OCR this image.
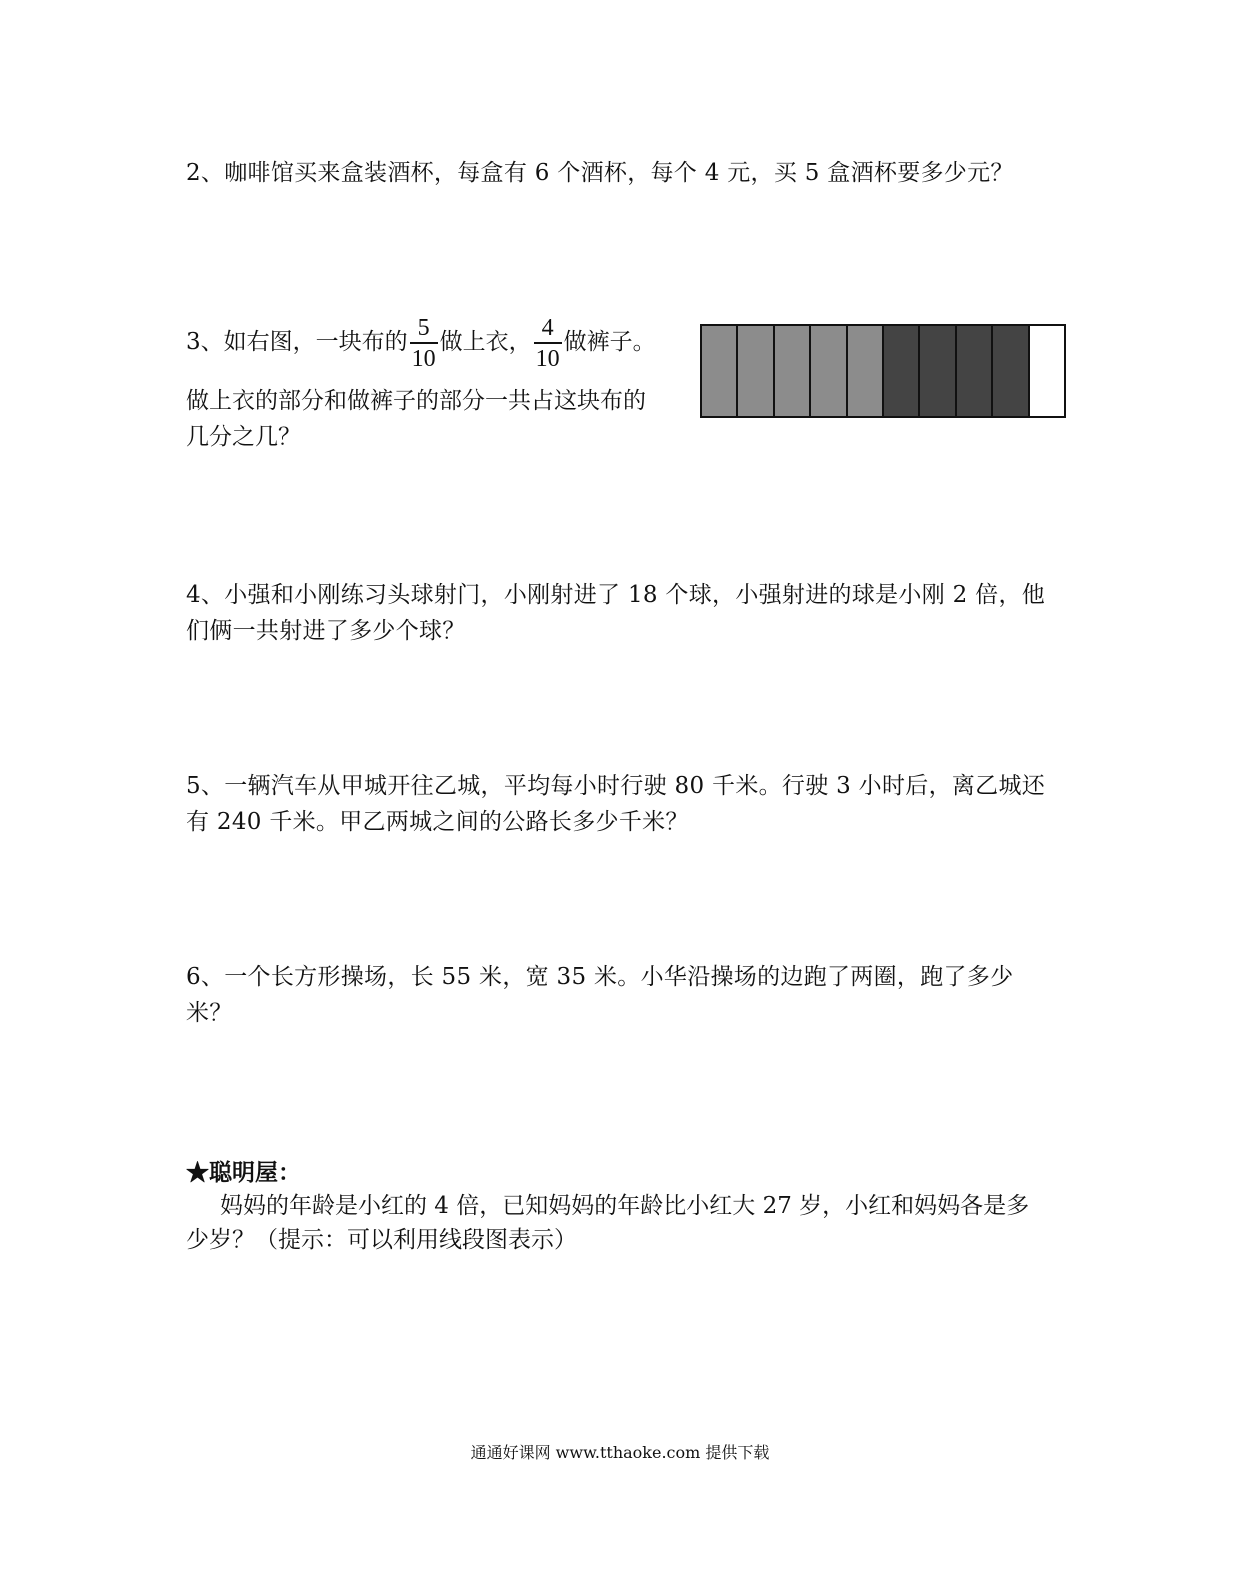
2、咖啡馆买来盒装酒杯，每盒有 6 个酒杯，每个 4 元，买 5 盒酒杯要多少元？
3、如右图，一块布的 $\frac{5}{10}$ 做上衣， $\frac{4}{10}$ 做裤子。
做上衣的部分和做裤子的部分一共占这块布的几分之几？
4、小强和小刚练习头球射门，小刚射进了 18 个球，小强射进的球是小刚 2 倍，他们俩一共射进了多少个球？
5、一辆汽车从甲城开往乙城，平均每小时行驶 80 千米。行驶 3 小时后，离乙城还有 240 千米。甲乙两城之间的公路长多少千米？
6、一个长方形操场，长 55 米，宽 35 米。小华沿操场的边跑了两圈，跑了多少米？
★聪明屋：
妈妈的年龄是小红的 4 倍，已知妈妈的年龄比小红大 27 岁，小红和妈妈各是多少岁？（提示：可以利用线段图表示）
通通好课网 www.tthaoke.com 提供下载
